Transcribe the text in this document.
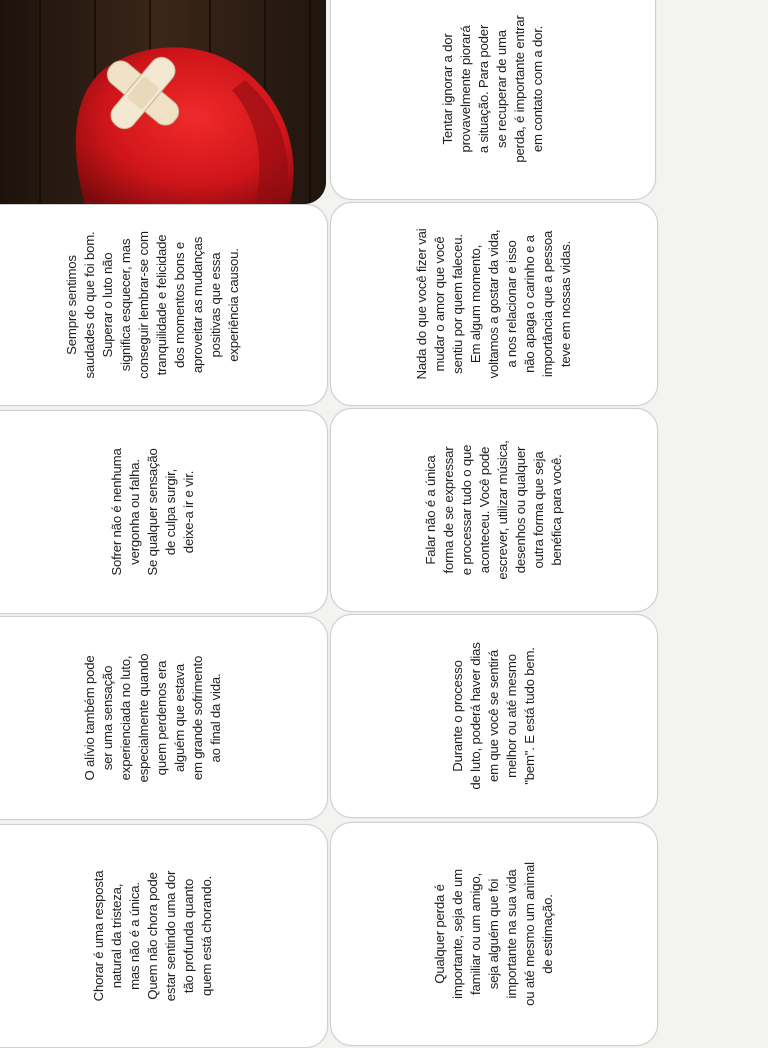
Sempre sentimos
saudades do que foi bom.
Superar o luto não
significa esquecer, mas
conseguir lembrar-se com
tranquilidade e felicidade
dos momentos bons e
aproveitar as mudanças
positivas que essa
experiência causou.
Sofrer não é nenhuma
vergonha ou falha.
Se qualquer sensação
de culpa surgir,
deixe-a ir e vir.
O alívio também pode
ser uma sensação
experienciada no luto,
especialmente quando
quem perdemos era
alguém que estava
em grande sofrimento
ao final da vida.
Chorar é uma resposta
natural da tristeza,
mas não é a única.
Quem não chora pode
estar sentindo uma dor
tão profunda quanto
quem está chorando.
Tentar ignorar a dor
provavelmente piorará
a situação. Para poder
se recuperar de uma
perda, é importante entrar
em contato com a dor.
Nada do que você fizer vai
mudar o amor que você
sentiu por quem faleceu.
Em algum momento,
voltamos a gostar da vida,
a nos relacionar e isso
não apaga o carinho e a
importância que a pessoa
teve em nossas vidas.
Falar não é a única
forma de se expressar
e processar tudo o que
aconteceu. Você pode
escrever, utilizar música,
desenhos ou qualquer
outra forma que seja
benéfica para você.
Durante o processo
de luto, poderá haver dias
em que você se sentirá
melhor ou até mesmo
"bem". E está tudo bem.
Qualquer perda é
importante, seja de um
familiar ou um amigo,
seja alguém que foi
importante na sua vida
ou até mesmo um animal
de estimação.
